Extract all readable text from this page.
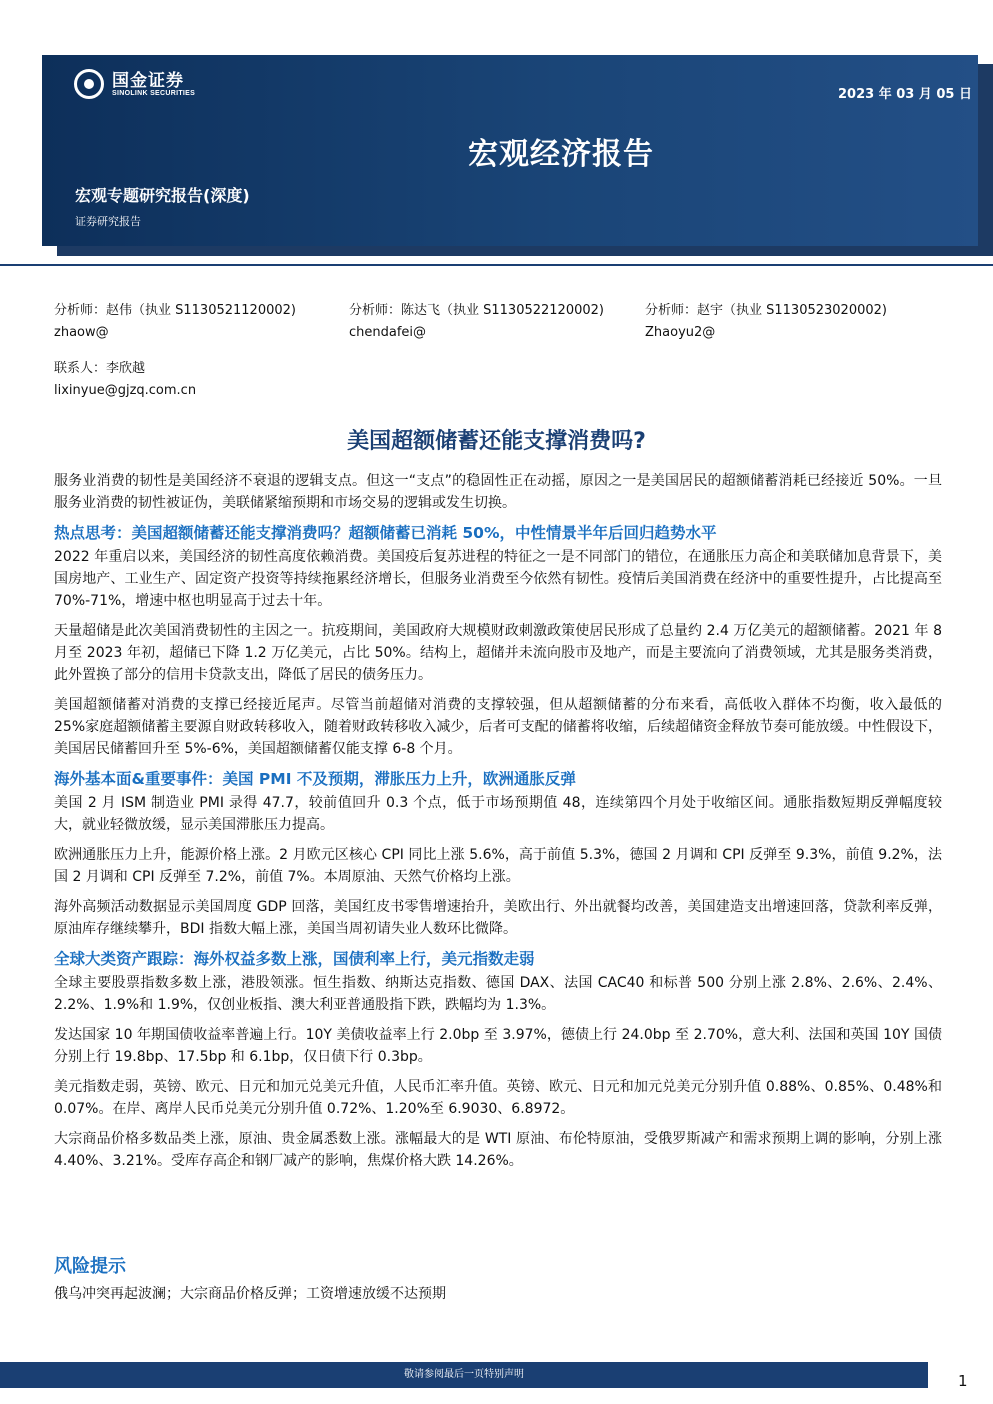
国金证券
SINOLINK SECURITIES	2023 年 03 月 05 日
宏观经济报告
宏观专题研究报告(深度)
证券研究报告
分析师：赵伟（执业 S1130521120002)
zhaow@
分析师：陈达飞（执业 S1130522120002)
chendafei@
分析师：赵宇（执业 S1130523020002)
Zhaoyu2@
联系人：李欣越
lixinyue@gjzq.com.cn
美国超额储蓄还能支撑消费吗?

服务业消费的韧性是美国经济不衰退的逻辑支点。但这一“支点”的稳固性正在动摇，原因之一是美国居民的超额储蓄消耗已经接近 50%。一旦服务业消费的韧性被证伪，美联储紧缩预期和市场交易的逻辑或发生切换。

热点思考：美国超额储蓄还能支撑消费吗？超额储蓄已消耗 50%，中性情景半年后回归趋势水平

2022 年重启以来，美国经济的韧性高度依赖消费。美国疫后复苏进程的特征之一是不同部门的错位，在通胀压力高企和美联储加息背景下，美国房地产、工业生产、固定资产投资等持续拖累经济增长，但服务业消费至今依然有韧性。疫情后美国消费在经济中的重要性提升，占比提高至 70%-71%，增速中枢也明显高于过去十年。

天量超储是此次美国消费韧性的主因之一。抗疫期间，美国政府大规模财政刺激政策使居民形成了总量约 2.4 万亿美元的超额储蓄。2021 年 8 月至 2023 年初，超储已下降 1.2 万亿美元，占比 50%。结构上，超储并未流向股市及地产，而是主要流向了消费领域，尤其是服务类消费，此外置换了部分的信用卡贷款支出，降低了居民的债务压力。

美国超额储蓄对消费的支撑已经接近尾声。尽管当前超储对消费的支撑较强，但从超额储蓄的分布来看，高低收入群体不均衡，收入最低的 25%家庭超额储蓄主要源自财政转移收入，随着财政转移收入减少，后者可支配的储蓄将收缩，后续超储资金释放节奏可能放缓。中性假设下，美国居民储蓄回升至 5%-6%，美国超额储蓄仅能支撑 6-8 个月。

海外基本面&重要事件：美国 PMI 不及预期，滞胀压力上升，欧洲通胀反弹

美国 2 月 ISM 制造业 PMI 录得 47.7，较前值回升 0.3 个点，低于市场预期值 48，连续第四个月处于收缩区间。通胀指数短期反弹幅度较大，就业轻微放缓，显示美国滞胀压力提高。

欧洲通胀压力上升，能源价格上涨。2 月欧元区核心 CPI 同比上涨 5.6%，高于前值 5.3%，德国 2 月调和 CPI 反弹至 9.3%，前值 9.2%，法国 2 月调和 CPI 反弹至 7.2%，前值 7%。本周原油、天然气价格均上涨。

海外高频活动数据显示美国周度 GDP 回落，美国红皮书零售增速抬升，美欧出行、外出就餐均改善，美国建造支出增速回落，贷款利率反弹，原油库存继续攀升，BDI 指数大幅上涨，美国当周初请失业人数环比微降。

全球大类资产跟踪：海外权益多数上涨，国债利率上行，美元指数走弱

全球主要股票指数多数上涨，港股领涨。恒生指数、纳斯达克指数、德国 DAX、法国 CAC40 和标普 500 分别上涨 2.8%、2.6%、2.4%、2.2%、1.9%和 1.9%，仅创业板指、澳大利亚普通股指下跌，跌幅均为 1.3%。

发达国家 10 年期国债收益率普遍上行。10Y 美债收益率上行 2.0bp 至 3.97%，德债上行 24.0bp 至 2.70%，意大利、法国和英国 10Y 国债分别上行 19.8bp、17.5bp 和 6.1bp，仅日债下行 0.3bp。

美元指数走弱，英镑、欧元、日元和加元兑美元升值，人民币汇率升值。英镑、欧元、日元和加元兑美元分别升值 0.88%、0.85%、0.48%和 0.07%。在岸、离岸人民币兑美元分别升值 0.72%、1.20%至 6.9030、6.8972。

大宗商品价格多数品类上涨，原油、贵金属悉数上涨。涨幅最大的是 WTI 原油、布伦特原油，受俄罗斯减产和需求预期上调的影响，分别上涨 4.40%、3.21%。受库存高企和钢厂减产的影响，焦煤价格大跌 14.26%。

风险提示
俄乌冲突再起波澜；大宗商品价格反弹；工资增速放缓不达预期
敬请参阅最后一页特别声明	1
